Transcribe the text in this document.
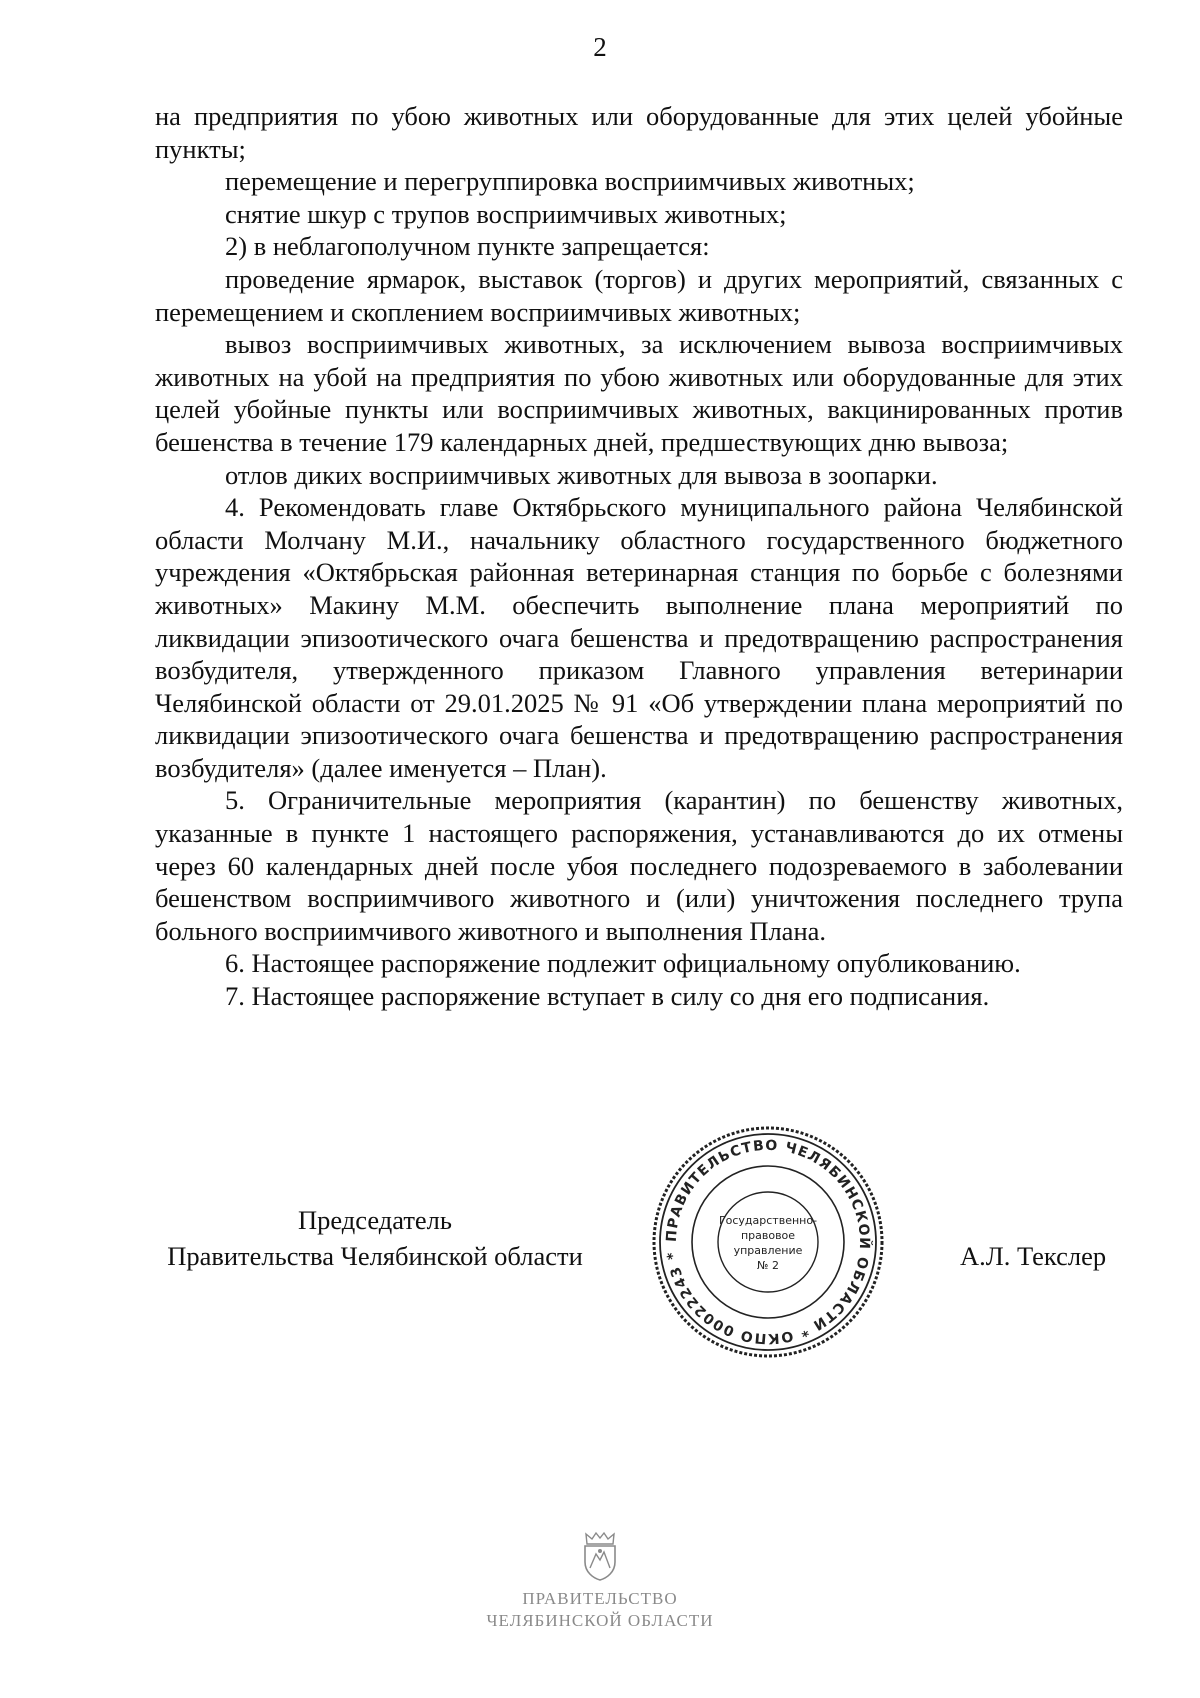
2

на предприятия по убою животных или оборудованные для этих целей убойные пункты;

перемещение и перегруппировка восприимчивых животных;

снятие шкур с трупов восприимчивых животных;

2) в неблагополучном пункте запрещается:

проведение ярмарок, выставок (торгов) и других мероприятий, связанных с перемещением и скоплением восприимчивых животных;

вывоз восприимчивых животных, за исключением вывоза восприимчивых животных на убой на предприятия по убою животных или оборудованные для этих целей убойные пункты или восприимчивых животных, вакцинированных против бешенства в течение 179 календарных дней, предшествующих дню вывоза;

отлов диких восприимчивых животных для вывоза в зоопарки.

4. Рекомендовать главе Октябрьского муниципального района Челябинской области Молчану М.И., начальнику областного государственного бюджетного учреждения «Октябрьская районная ветеринарная станция по борьбе с болезнями животных» Макину М.М. обеспечить выполнение плана мероприятий по ликвидации эпизоотического очага бешенства и предотвращению распространения возбудителя, утвержденного приказом Главного управления ветеринарии Челябинской области от 29.01.2025 № 91 «Об утверждении плана мероприятий по ликвидации эпизоотического очага бешенства и предотвращению распространения возбудителя» (далее именуется – План).

5. Ограничительные мероприятия (карантин) по бешенству животных, указанные в пункте 1 настоящего распоряжения, устанавливаются до их отмены через 60 календарных дней после убоя последнего подозреваемого в заболевании бешенством восприимчивого животного и (или) уничтожения последнего трупа больного восприимчивого животного и выполнения Плана.

6. Настоящее распоряжение подлежит официальному опубликованию.

7. Настоящее распоряжение вступает в силу со дня его подписания.

Председатель
Правительства Челябинской области
ПРАВИТЕЛЬСТВО ЧЕЛЯБИНСКОЙ ОБЛАСТИ * ОКПО 00022243 *
Государственно-
правовое
управление
№ 2	А.Л. Текслер
ПРАВИТЕЛЬСТВО
ЧЕЛЯБИНСКОЙ ОБЛАСТИ
